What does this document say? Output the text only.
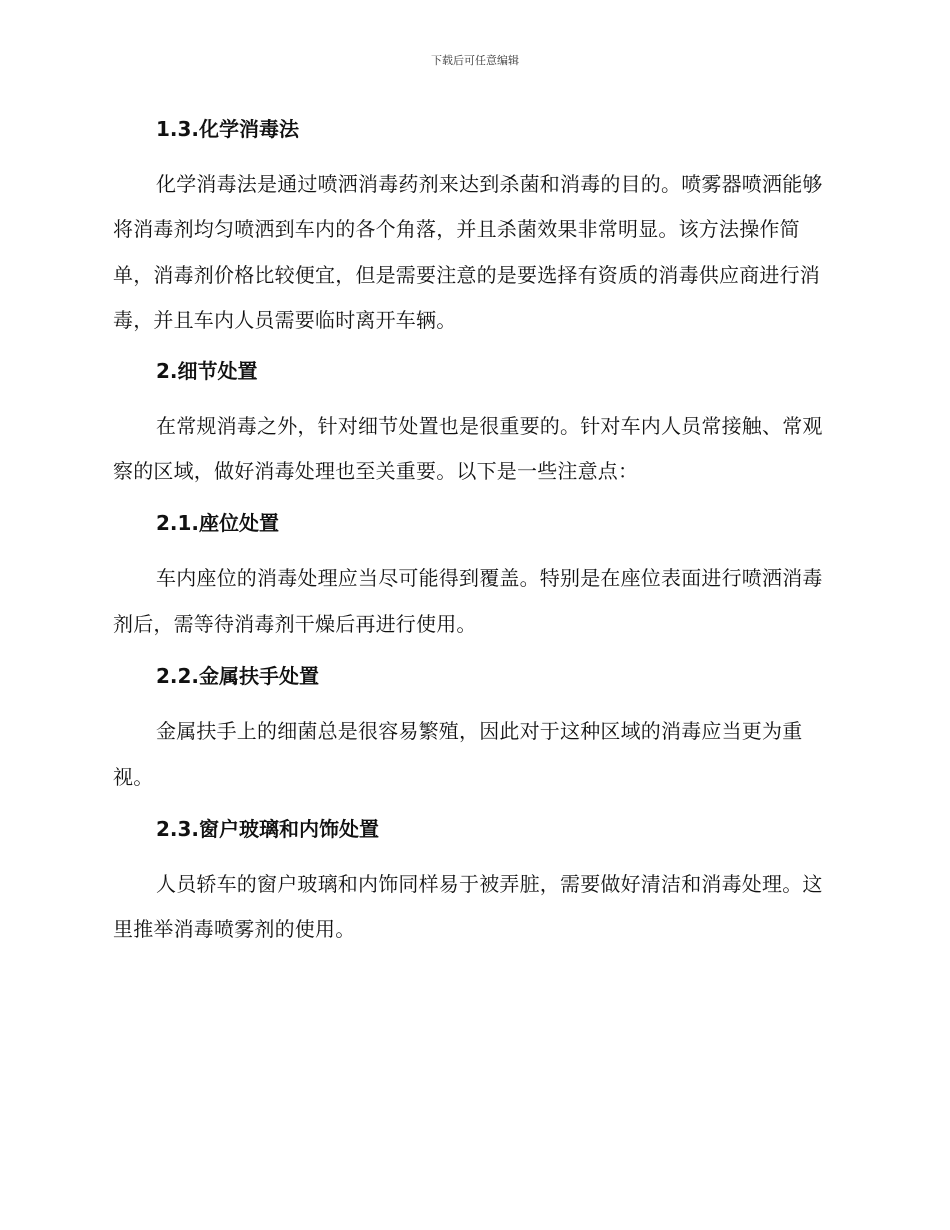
下载后可任意编辑
1.3.化学消毒法

化学消毒法是通过喷洒消毒药剂来达到杀菌和消毒的目的。喷雾器喷洒能够将消毒剂均匀喷洒到车内的各个角落，并且杀菌效果非常明显。该方法操作简单，消毒剂价格比较便宜，但是需要注意的是要选择有资质的消毒供应商进行消毒，并且车内人员需要临时离开车辆。

2.细节处置

在常规消毒之外，针对细节处置也是很重要的。针对车内人员常接触、常观察的区域，做好消毒处理也至关重要。以下是一些注意点：

2.1.座位处置

车内座位的消毒处理应当尽可能得到覆盖。特别是在座位表面进行喷洒消毒剂后，需等待消毒剂干燥后再进行使用。

2.2.金属扶手处置

金属扶手上的细菌总是很容易繁殖，因此对于这种区域的消毒应当更为重视。

2.3.窗户玻璃和内饰处置

人员轿车的窗户玻璃和内饰同样易于被弄脏，需要做好清洁和消毒处理。这里推举消毒喷雾剂的使用。
